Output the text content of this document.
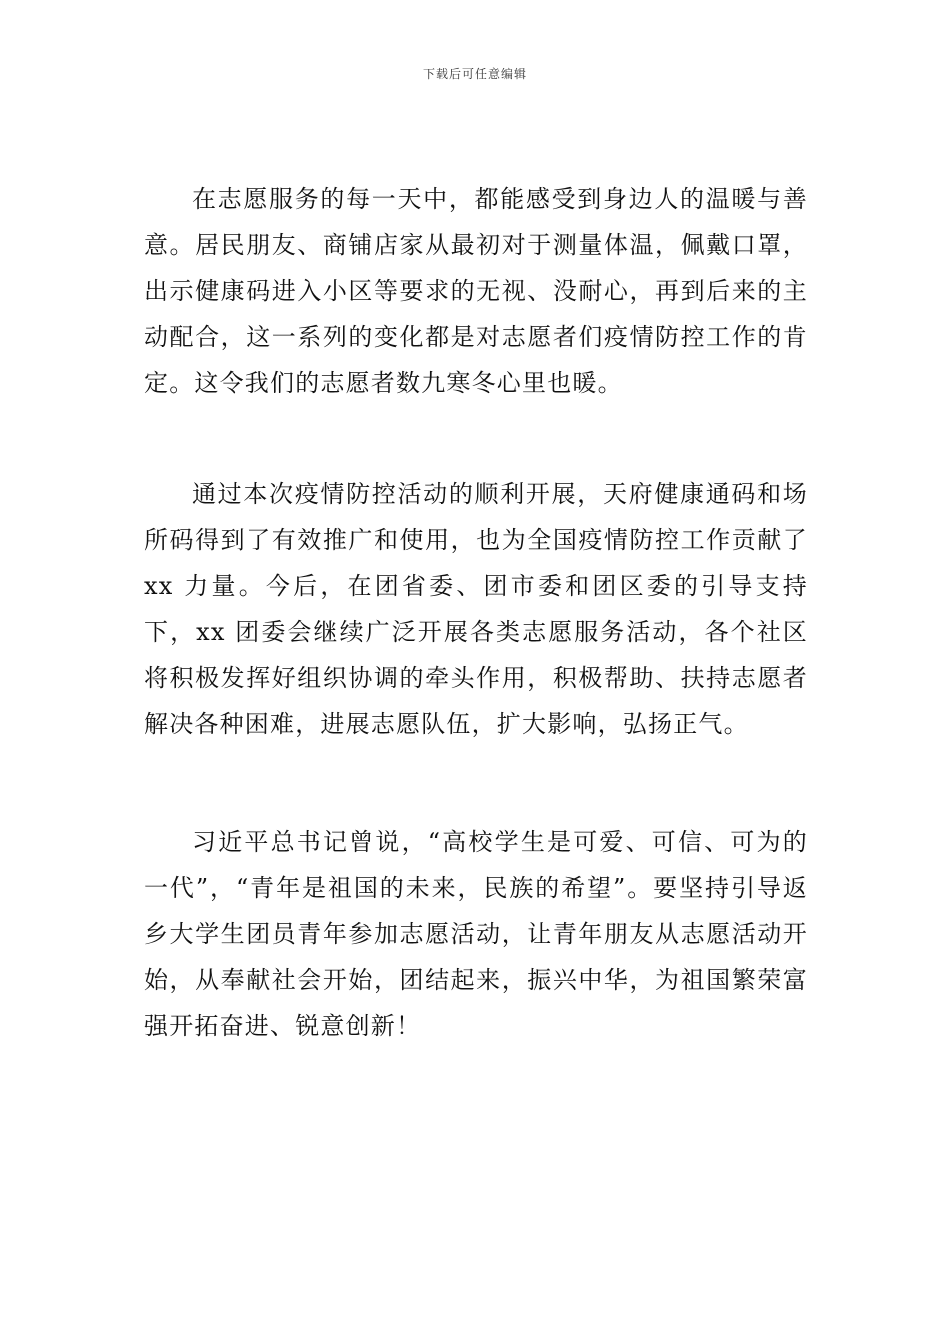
下载后可任意编辑

在志愿服务的每一天中，都能感受到身边人的温暖与善意。居民朋友、商铺店家从最初对于测量体温，佩戴口罩，出示健康码进入小区等要求的无视、没耐心，再到后来的主动配合，这一系列的变化都是对志愿者们疫情防控工作的肯定。这令我们的志愿者数九寒冬心里也暖。

通过本次疫情防控活动的顺利开展，天府健康通码和场所码得到了有效推广和使用，也为全国疫情防控工作贡献了 xx 力量。今后，在团省委、团市委和团区委的引导支持下，xx 团委会继续广泛开展各类志愿服务活动，各个社区将积极发挥好组织协调的牵头作用，积极帮助、扶持志愿者解决各种困难，进展志愿队伍，扩大影响，弘扬正气。

习近平总书记曾说，“高校学生是可爱、可信、可为的一代”，“青年是祖国的未来，民族的希望”。要坚持引导返乡大学生团员青年参加志愿活动，让青年朋友从志愿活动开始，从奉献社会开始，团结起来，振兴中华，为祖国繁荣富强开拓奋进、锐意创新！
